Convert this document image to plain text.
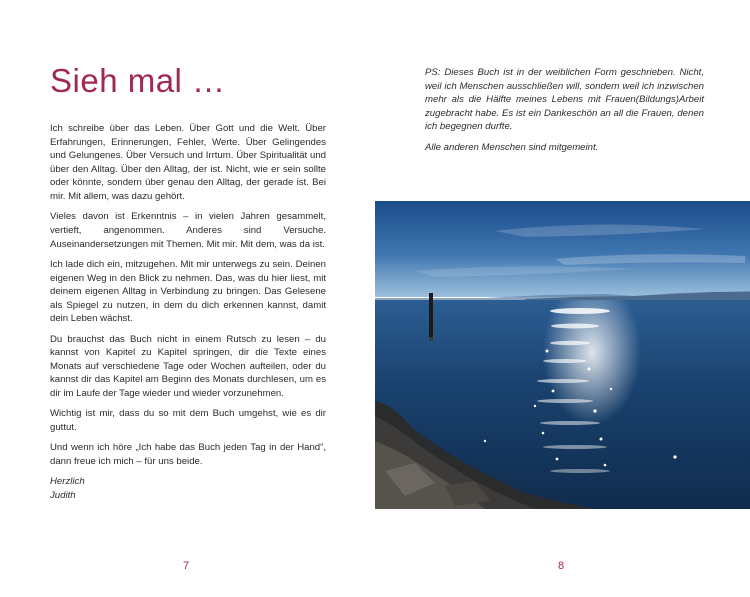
Sieh mal …

Ich schreibe über das Leben. Über Gott und die Welt. Über Erfahrungen, Erinnerungen, Fehler, Werte. Über Gelingendes und Gelungenes. Über Versuch und Irrtum. Über Spiritualität und über den Alltag. Über den Alltag, der ist. Nicht, wie er sein sollte oder könnte, sondern über genau den Alltag, der gerade ist. Bei mir. Mit allem, was dazu gehört.

Vieles davon ist Erkenntnis – in vielen Jahren gesammelt, vertieft, angenommen. Anderes sind Versuche. Auseinandersetzungen mit Themen. Mit mir. Mit dem, was da ist.

Ich lade dich ein, mitzugehen. Mit mir unterwegs zu sein. Deinen eigenen Weg in den Blick zu nehmen. Das, was du hier liest, mit deinem eigenen Alltag in Verbindung zu bringen. Das Gelesene als Spiegel zu nutzen, in dem du dich erkennen kannst, damit dein Leben wächst.

Du brauchst das Buch nicht in einem Rutsch zu lesen – du kannst von Kapitel zu Kapitel springen, dir die Texte eines Monats auf verschiedene Tage oder Wochen aufteilen, oder du kannst dir das Kapitel am Beginn des Monats durchlesen, um es dir im Laufe der Tage wieder und wieder vorzunehmen.

Wichtig ist mir, dass du so mit dem Buch umgehst, wie es dir guttut.

Und wenn ich höre „Ich habe das Buch jeden Tag in der Hand“, dann freue ich mich – für uns beide.

Herzlich

Judith

7

PS: Dieses Buch ist in der weiblichen Form geschrieben. Nicht, weil ich Menschen ausschließen will, sondern weil ich inzwischen mehr als die Hälfte meines Lebens mit Frauen(Bildungs)Arbeit zugebracht habe. Es ist ein Dankeschön an all die Frauen, denen ich begegnen durfte.

Alle anderen Menschen sind mitgemeint.

8
